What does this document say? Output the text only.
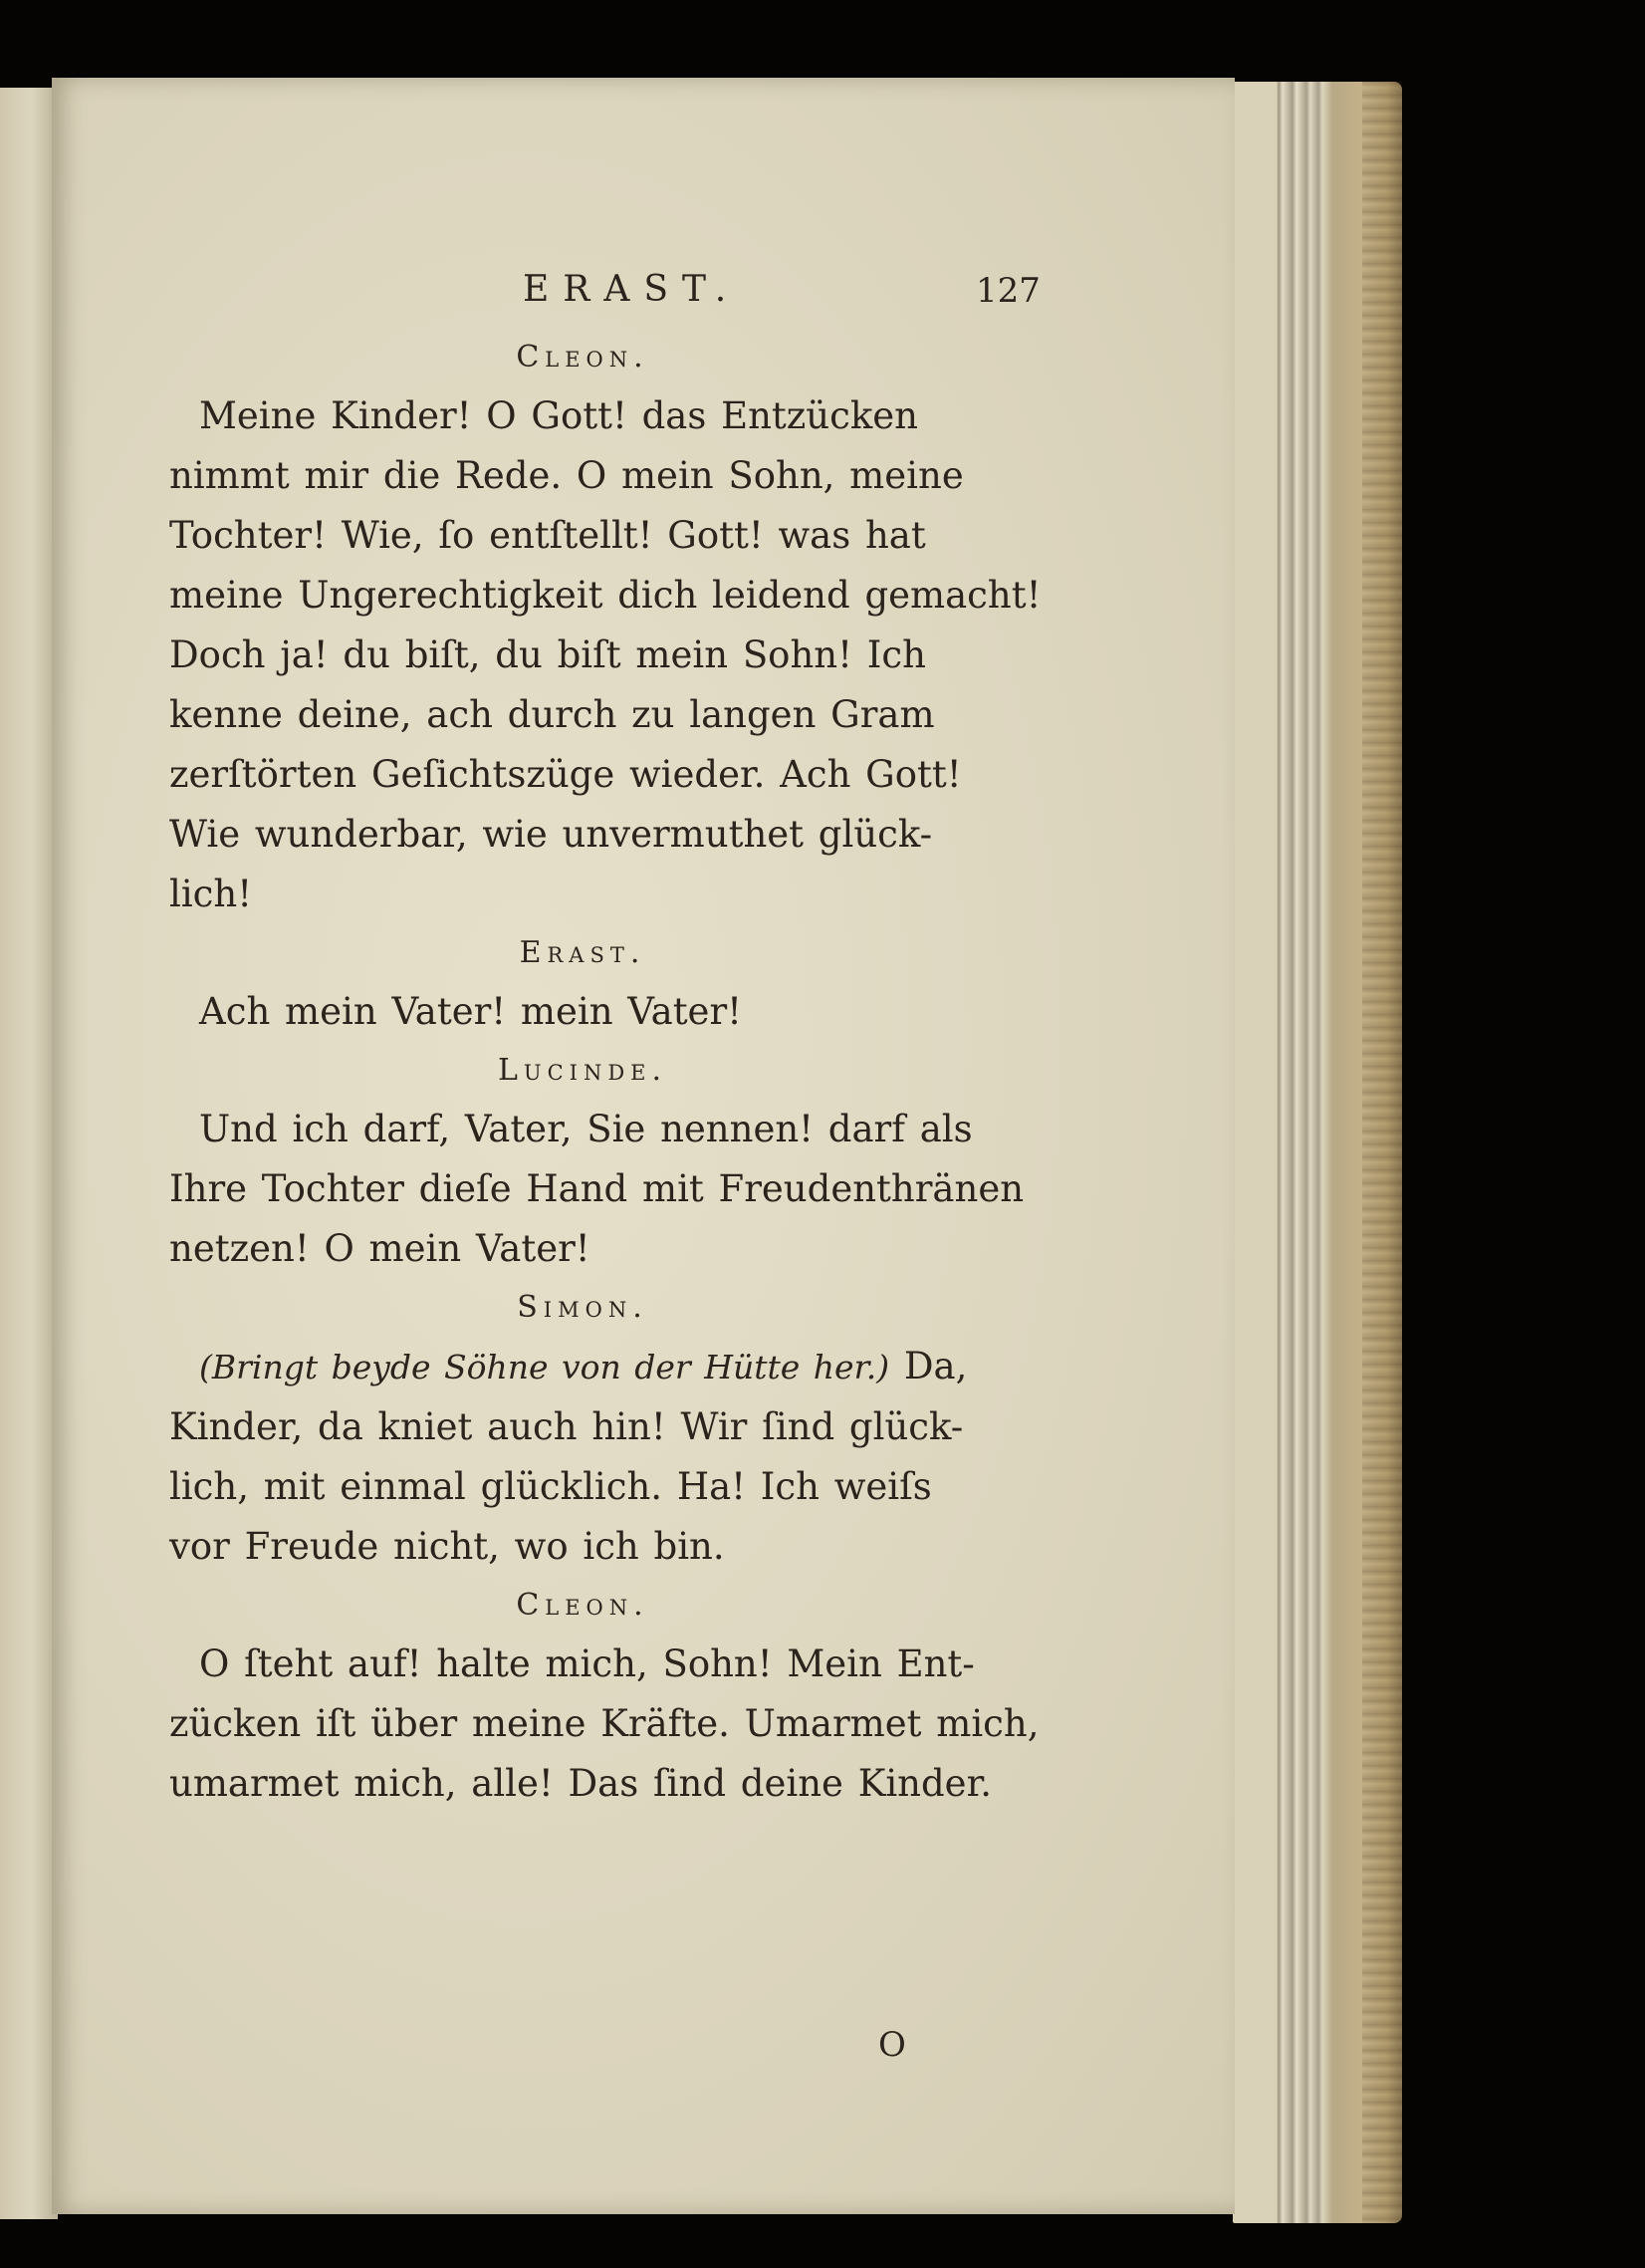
ERAST.	127

Cleon.

Meine Kinder! O Gott! das Entzücken
nimmt mir die Rede. O mein Sohn, meine
Tochter! Wie, ſo entſtellt! Gott! was hat
meine Ungerechtigkeit dich leidend gemacht!
Doch ja! du biſt, du biſt mein Sohn! Ich
kenne deine, ach durch zu langen Gram
zerſtörten Geſichtszüge wieder. Ach Gott!
Wie wunderbar, wie unvermuthet glück-
lich!

Erast.

Ach mein Vater! mein Vater!

Lucinde.

Und ich darf, Vater, Sie nennen! darf als
Ihre Tochter dieſe Hand mit Freudenthränen
netzen! O mein Vater!

Simon.

(Bringt beyde Söhne von der Hütte her.) Da,
Kinder, da kniet auch hin! Wir ſind glück-
lich, mit einmal glücklich. Ha! Ich weiſs
vor Freude nicht, wo ich bin.

Cleon.

O ſteht auf! halte mich, Sohn! Mein Ent-
zücken iſt über meine Kräfte. Umarmet mich,
umarmet mich, alle! Das ſind deine Kinder.

O
